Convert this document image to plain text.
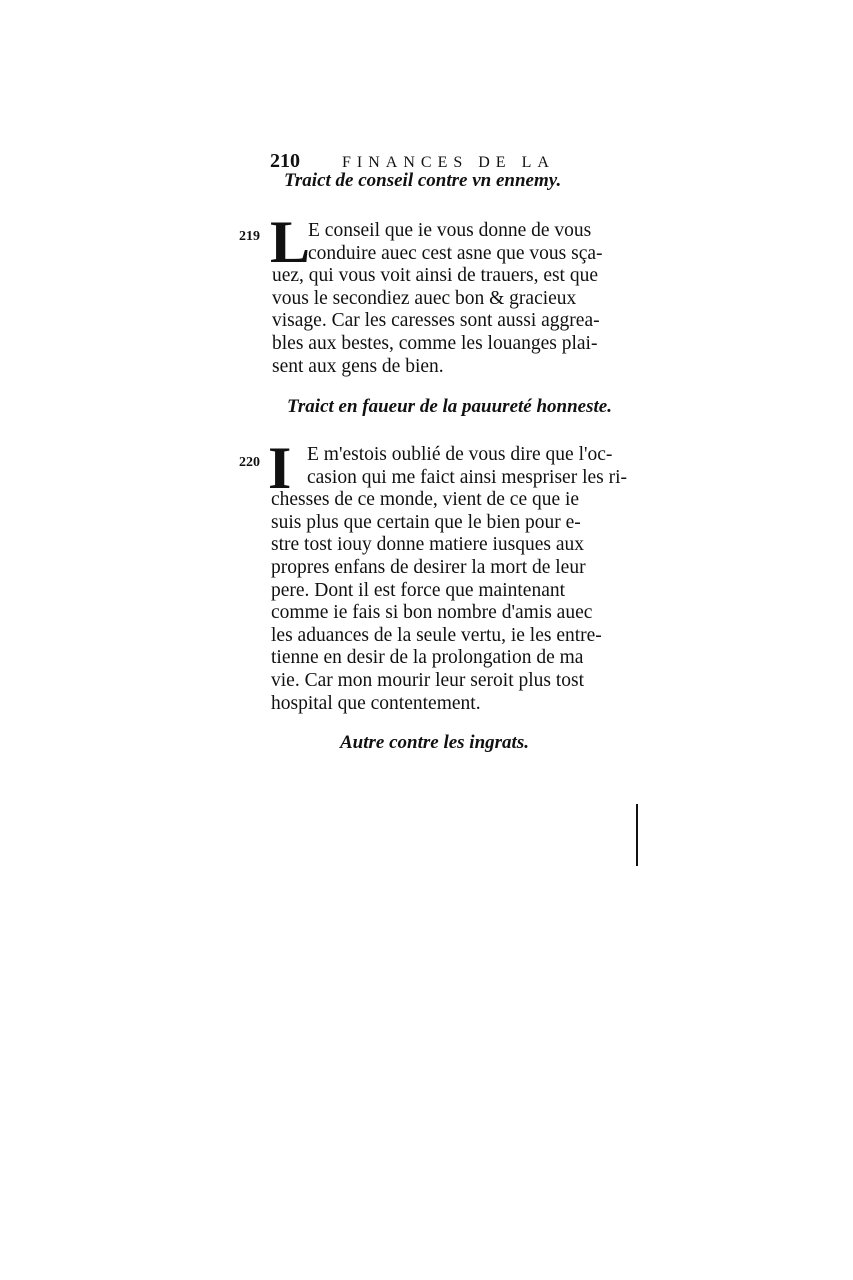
210	FINANCES DE LA
Traict de conseil contre vn ennemy.
219 L
E conseil que ie vous donne de vous
conduire auec cest asne que vous sça-
uez, qui vous voit ainsi de trauers, est que
vous le secondiez auec bon & gracieux
visage. Car les caresses sont aussi aggrea-
bles aux bestes, comme les louanges plai-
sent aux gens de bien.
Traict en faueur de la pauureté honneste.
220 I E m'estois oublié de vous dire que l'oc-
casion qui me faict ainsi mespriser les ri-
chesses de ce monde, vient de ce que ie
suis plus que certain que le bien pour e-
stre tost iouy donne matiere iusques aux
propres enfans de desirer la mort de leur
pere. Dont il est force que maintenant
comme ie fais si bon nombre d'amis auec
les aduances de la seule vertu, ie les entre-
tienne en desir de la prolongation de ma
vie. Car mon mourir leur seroit plus tost
hospital que contentement.
Autre contre les ingrats.
